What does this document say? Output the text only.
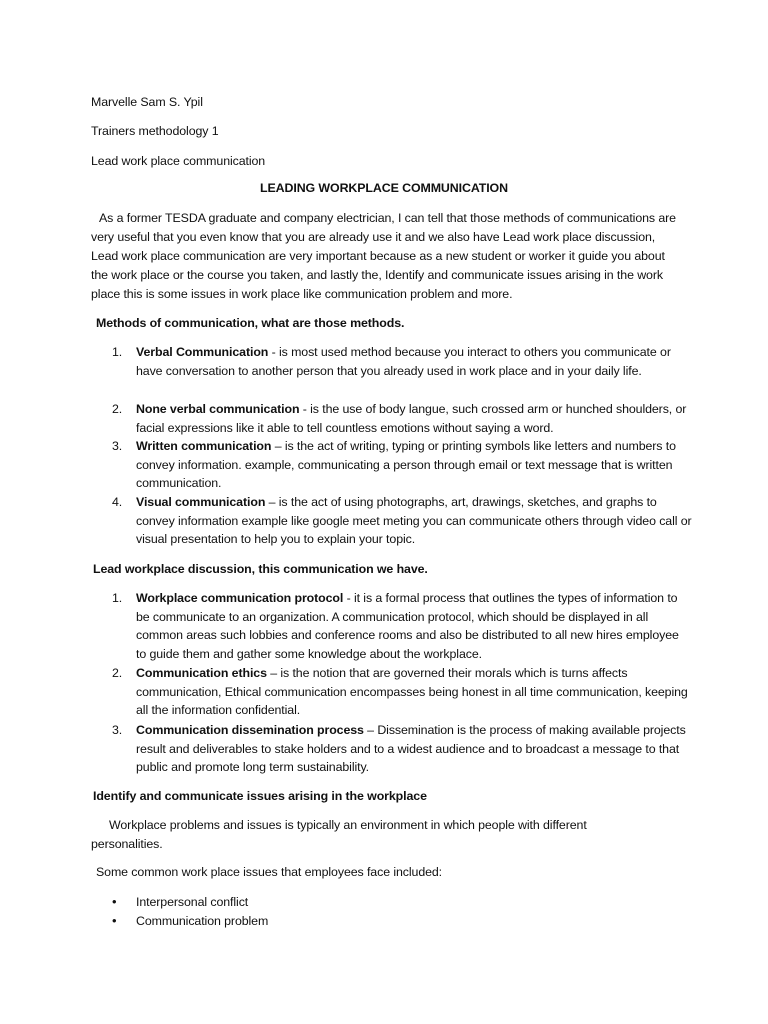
Marvelle Sam S. Ypil
Trainers methodology 1
Lead work place communication
LEADING WORKPLACE COMMUNICATION
As a former TESDA graduate and company electrician, I can tell that those methods of communications are very useful that you even know that you are already use it and we also have Lead work place discussion, Lead work place communication are very important because as a new student or worker it guide you about the work place or the course you taken, and lastly the, Identify and communicate issues arising in the work place this is some issues in work place like communication problem and more.
Methods of communication, what are those methods.
1.	Verbal Communication - is most used method because you interact to others you communicate or have conversation to another person that you already used in work place and in your daily life.
2.	None verbal communication - is the use of body langue, such crossed arm or hunched shoulders, or facial expressions like it able to tell countless emotions without saying a word.
3.	Written communication – is the act of writing, typing or printing symbols like letters and numbers to convey information. example, communicating a person through email or text message that is written communication.
4.	Visual communication – is the act of using photographs, art, drawings, sketches, and graphs to convey information example like google meet meting you can communicate others through video call or visual presentation to help you to explain your topic.
Lead workplace discussion, this communication we have.
1.	Workplace communication protocol - it is a formal process that outlines the types of information to be communicate to an organization. A communication protocol, which should be displayed in all common areas such lobbies and conference rooms and also be distributed to all new hires employee to guide them and gather some knowledge about the workplace.
2.	Communication ethics – is the notion that are governed their morals which is turns affects communication, Ethical communication encompasses being honest in all time communication, keeping all the information confidential.
3.	Communication dissemination process – Dissemination is the process of making available projects result and deliverables to stake holders and to a widest audience and to broadcast a message to that public and promote long term sustainability.
Identify and communicate issues arising in the workplace
Workplace problems and issues is typically an environment in which people with different personalities.
Some common work place issues that employees face included:
• Interpersonal conflict
• Communication problem
